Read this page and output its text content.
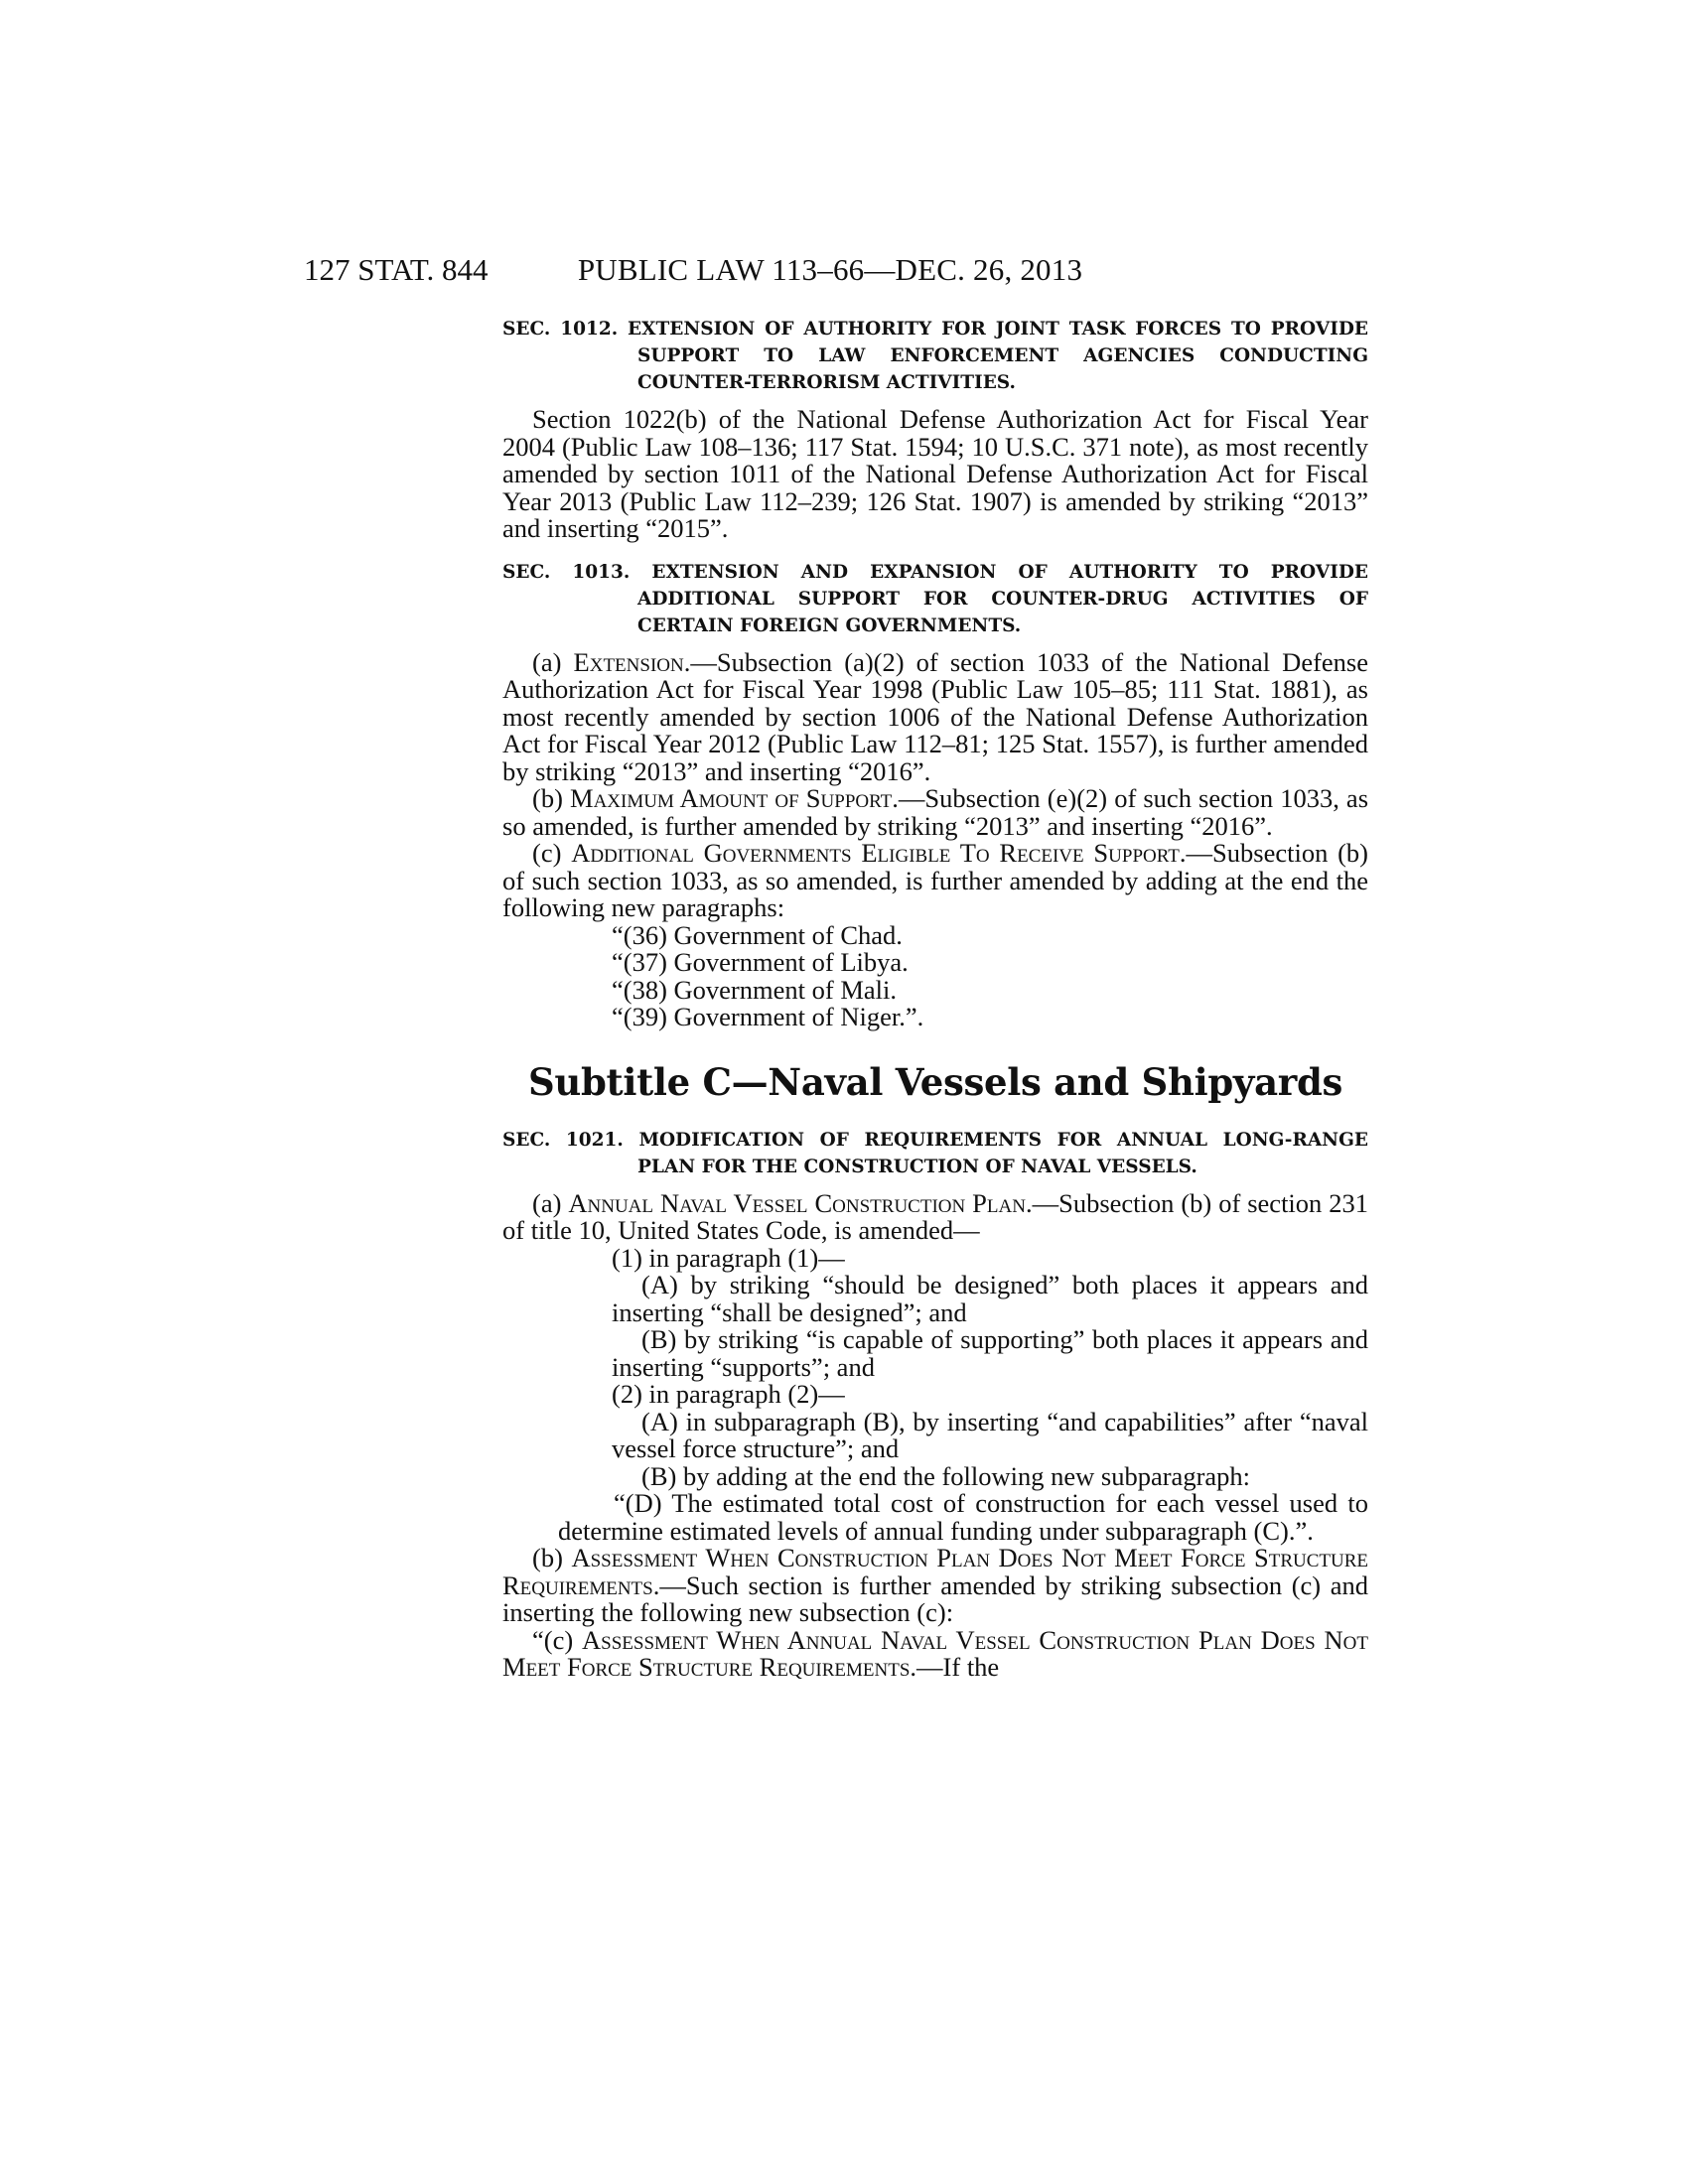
127 STAT. 844	PUBLIC LAW 113–66—DEC. 26, 2013
SEC. 1012. EXTENSION OF AUTHORITY FOR JOINT TASK FORCES TO PROVIDE SUPPORT TO LAW ENFORCEMENT AGENCIES CONDUCTING COUNTER-TERRORISM ACTIVITIES.

Section 1022(b) of the National Defense Authorization Act for Fiscal Year 2004 (Public Law 108–136; 117 Stat. 1594; 10 U.S.C. 371 note), as most recently amended by section 1011 of the National Defense Authorization Act for Fiscal Year 2013 (Public Law 112–239; 126 Stat. 1907) is amended by striking “2013” and inserting “2015”.

SEC. 1013. EXTENSION AND EXPANSION OF AUTHORITY TO PROVIDE ADDITIONAL SUPPORT FOR COUNTER-DRUG ACTIVITIES OF CERTAIN FOREIGN GOVERNMENTS.

(a) Extension.—Subsection (a)(2) of section 1033 of the National Defense Authorization Act for Fiscal Year 1998 (Public Law 105–85; 111 Stat. 1881), as most recently amended by section 1006 of the National Defense Authorization Act for Fiscal Year 2012 (Public Law 112–81; 125 Stat. 1557), is further amended by striking “2013” and inserting “2016”.

(b) Maximum Amount of Support.—Subsection (e)(2) of such section 1033, as so amended, is further amended by striking “2013” and inserting “2016”.

(c) Additional Governments Eligible To Receive Support.—Subsection (b) of such section 1033, as so amended, is further amended by adding at the end the following new paragraphs:

“(36) Government of Chad.

“(37) Government of Libya.

“(38) Government of Mali.

“(39) Government of Niger.”.

Subtitle C—Naval Vessels and Shipyards
SEC. 1021. MODIFICATION OF REQUIREMENTS FOR ANNUAL LONG-RANGE PLAN FOR THE CONSTRUCTION OF NAVAL VESSELS.

(a) Annual Naval Vessel Construction Plan.—Subsection (b) of section 231 of title 10, United States Code, is amended—

(1) in paragraph (1)—

(A) by striking “should be designed” both places it appears and inserting “shall be designed”; and

(B) by striking “is capable of supporting” both places it appears and inserting “supports”; and

(2) in paragraph (2)—

(A) in subparagraph (B), by inserting “and capabilities” after “naval vessel force structure”; and

(B) by adding at the end the following new subparagraph:

“(D) The estimated total cost of construction for each vessel used to determine estimated levels of annual funding under subparagraph (C).”.

(b) Assessment When Construction Plan Does Not Meet Force Structure Requirements.—Such section is further amended by striking subsection (c) and inserting the following new subsection (c):

“(c) Assessment When Annual Naval Vessel Construction Plan Does Not Meet Force Structure Requirements.—If the
